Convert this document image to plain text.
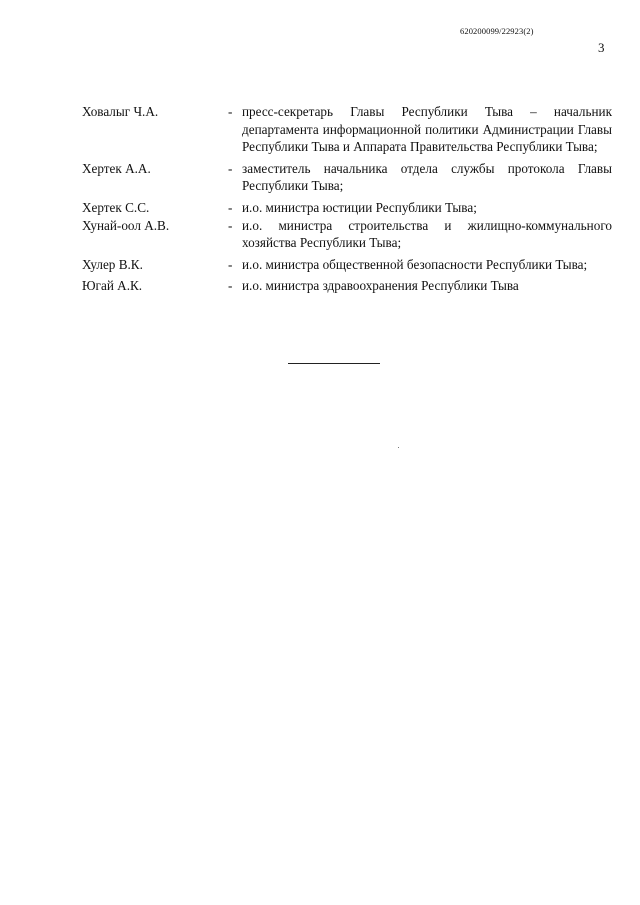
620200099/22923(2)
3
Ховалыг Ч.А.	- пресс-секретарь Главы Республики Тыва – начальник департамента информационной политики Администрации Главы Республики Тыва и Аппарата Правительства Республики Тыва;
Хертек А.А.	- заместитель начальника отдела службы протокола Главы Республики Тыва;
Хертек С.С.	- и.о. министра юстиции Республики Тыва;
Хунай-оол А.В.	- и.о. министра строительства и жилищно-коммунального хозяйства Республики Тыва;
Хулер В.К.	- и.о. министра общественной безопасности Республики Тыва;
Югай А.К.	- и.о. министра здравоохранения Республики Тыва
